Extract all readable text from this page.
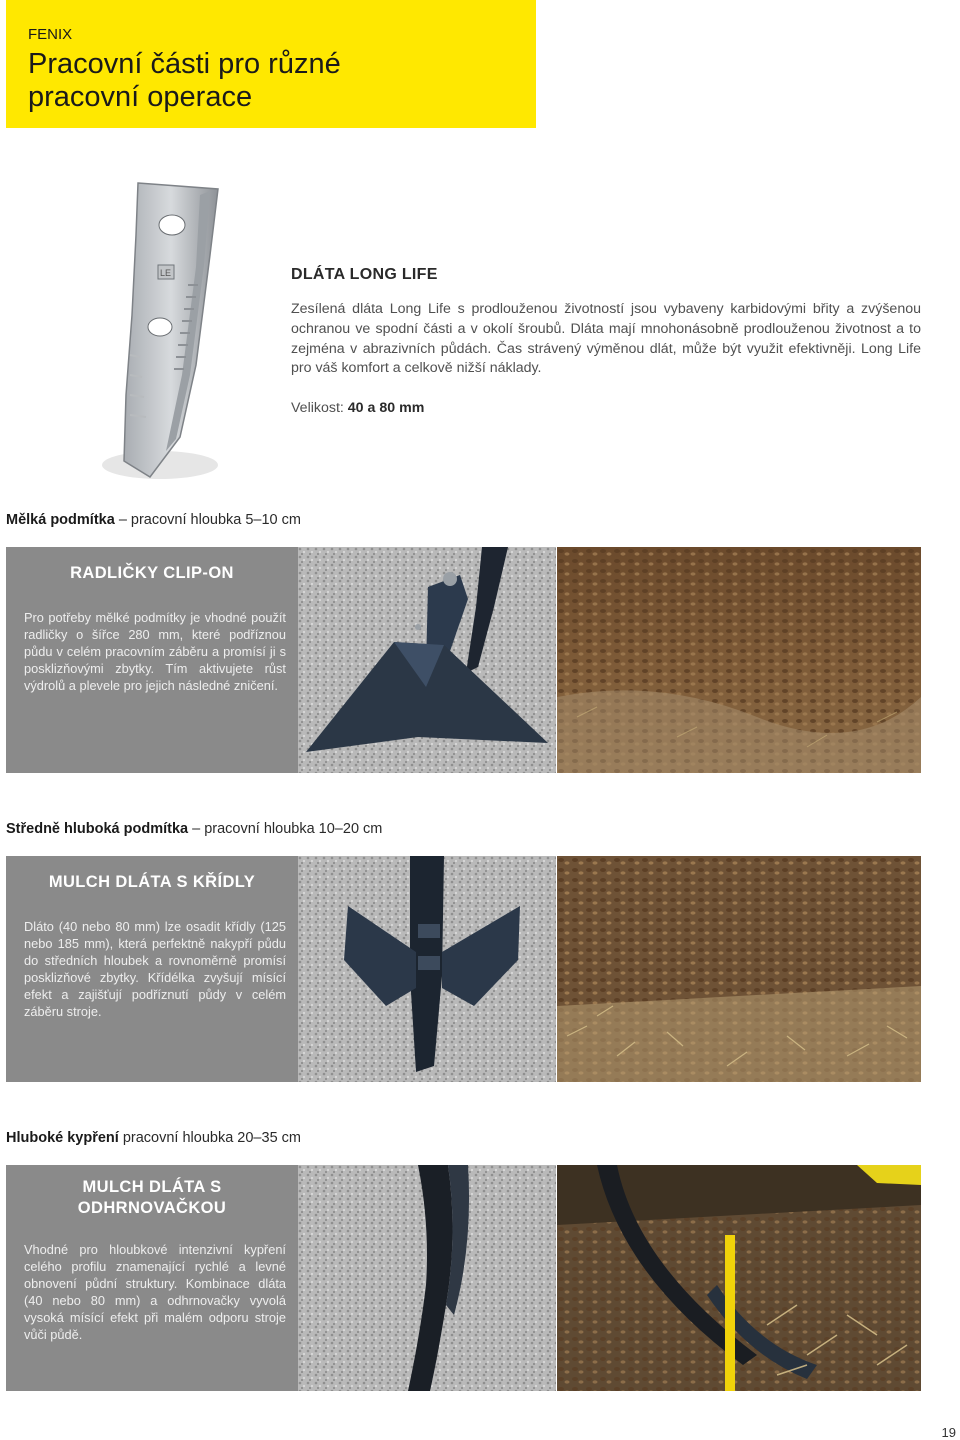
FENIX
Pracovní části pro různé pracovní operace
LE	DLÁTA LONG LIFE
Zesílená dláta Long Life s prodlouženou životností jsou vybaveny karbidovými břity a zvýšenou ochranou ve spodní části a v okolí šroubů. Dláta mají mnohonásobně prodlouženou životnost a to zejména v abrazivních půdách. Čas strávený výměnou dlát, může být využit efektivněji. Long Life pro váš komfort a celkově nižší náklady.
Velikost: 40 a 80 mm
Mělká podmítka – pracovní hloubka 5–10 cm
RADLIČKY CLIP-ON
Pro potřeby mělké podmítky je vhodné použít radličky o šířce 280 mm, které podříznou půdu v celém pracovním záběru a promísí ji s posklizňovými zbytky. Tím aktivujete růst výdrolů a plevele pro jejich následné zničení.
Středně hluboká podmítka – pracovní hloubka 10–20 cm
MULCH DLÁTA S KŘÍDLY
Dláto (40 nebo 80 mm) lze osadit křídly (125 nebo 185 mm), která perfektně nakypří půdu do středních hloubek a rovnoměrně promísí posklizňové zbytky. Křídélka zvyšují mísící efekt a zajišťují podříznutí půdy v celém záběru stroje.
Hluboké kypření pracovní hloubka 20–35 cm
MULCH DLÁTA S ODHRNOVAČKOU
Vhodné pro hloubkové intenzivní kypření celého profilu znamenající rychlé a levné obnovení půdní struktury. Kombinace dláta (40 nebo 80 mm) a odhrnovačky vyvolá vysoká mísící efekt při malém odporu stroje vůči půdě.
19
